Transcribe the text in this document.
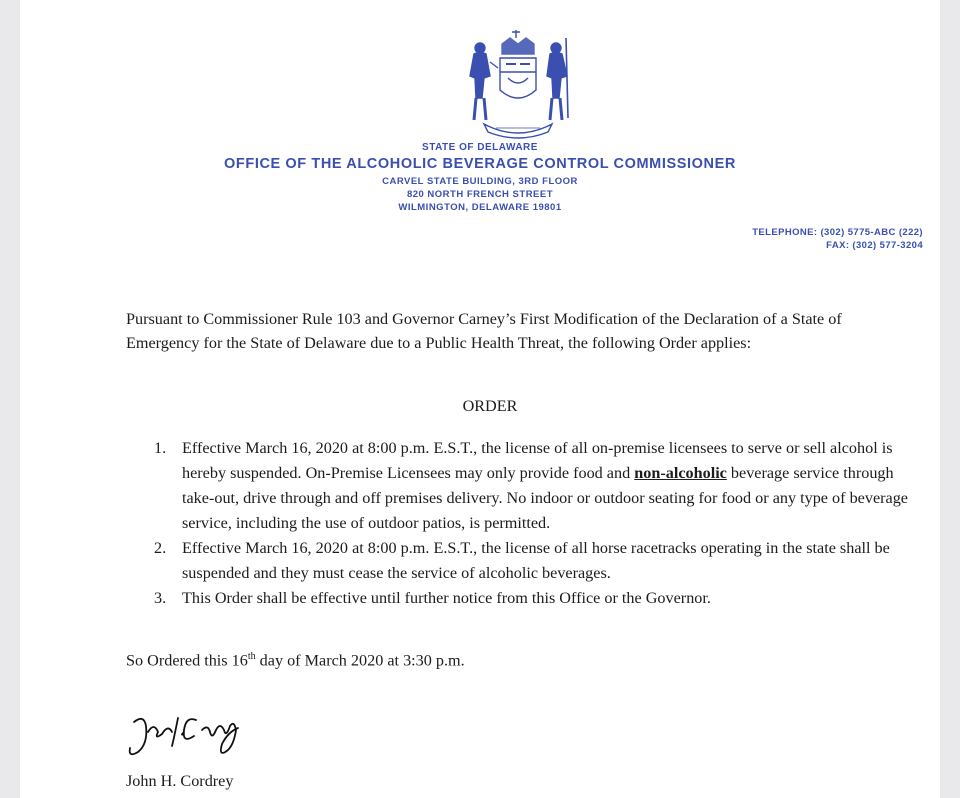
STATE OF DELAWARE
OFFICE OF THE ALCOHOLIC BEVERAGE CONTROL COMMISSIONER
CARVEL STATE BUILDING, 3RD FLOOR
820 NORTH FRENCH STREET
WILMINGTON, DELAWARE 19801
TELEPHONE: (302) 5775-ABC (222)
FAX: (302) 577-3204
Pursuant to Commissioner Rule 103 and Governor Carney’s First Modification of the Declaration of a State of Emergency for the State of Delaware due to a Public Health Threat, the following Order applies:
ORDER
1. Effective March 16, 2020 at 8:00 p.m. E.S.T., the license of all on-premise licensees to serve or sell alcohol is hereby suspended. On-Premise Licensees may only provide food and non-alcoholic beverage service through take-out, drive through and off premises delivery. No indoor or outdoor seating for food or any type of beverage service, including the use of outdoor patios, is permitted.
2. Effective March 16, 2020 at 8:00 p.m. E.S.T., the license of all horse racetracks operating in the state shall be suspended and they must cease the service of alcoholic beverages.
3. This Order shall be effective until further notice from this Office or the Governor.
So Ordered this 16th day of March 2020 at 3:30 p.m.
John H. Cordrey
